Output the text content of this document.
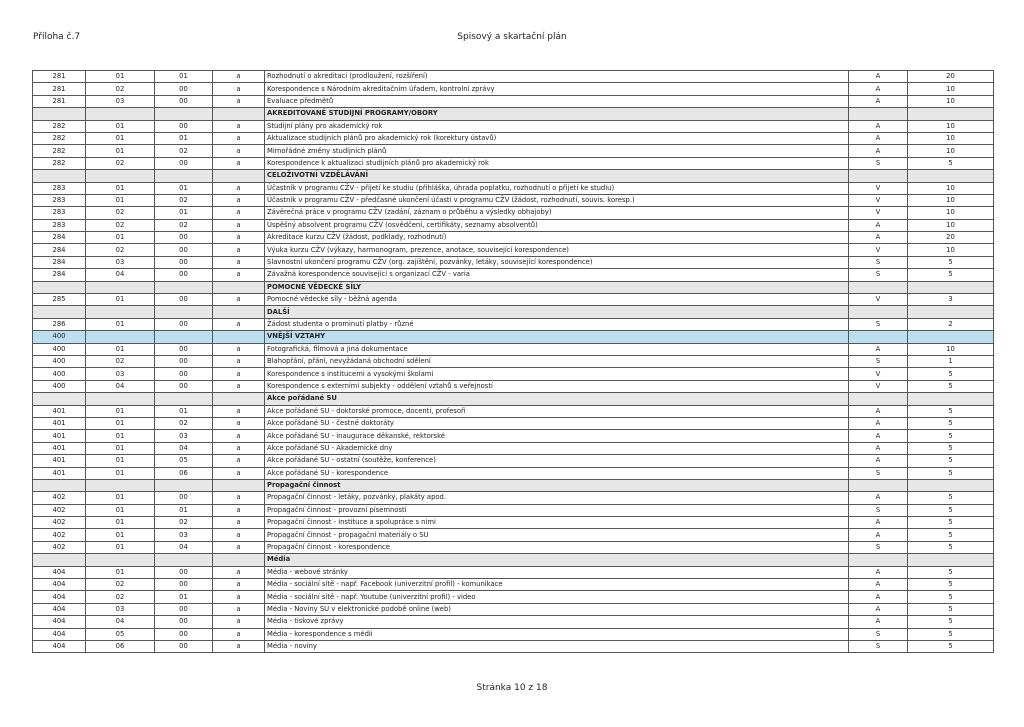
Příloha č.7	Spisový a skartační plán
281	01	01	a	Rozhodnutí o akreditaci (prodloužení, rozšíření)	A	20
281	02	00	a	Korespondence s Národním akreditačním úřadem, kontrolní zprávy	A	10
281	03	00	a	Evaluace předmětů	A	10
				AKREDITOVANÉ STUDIJNÍ PROGRAMY/OBORY		
282	01	00	a	Studijní plány pro akademický rok	A	10
282	01	01	a	Aktualizace studijních plánů pro akademický rok (korektury ústavů)	A	10
282	01	02	a	Mimořádné změny studijních plánů	A	10
282	02	00	a	Korespondence k aktualizaci studijních plánů pro akademický rok	S	5
				CELOŽIVOTNÍ VZDĚLÁVÁNÍ		
283	01	01	a	Účastník v programu CŽV - přijetí ke studiu (přihláška, úhrada poplatku, rozhodnutí o přijetí ke studiu)	V	10
283	01	02	a	Účastník v programu CŽV - předčasné ukončení účasti v programu CŽV (žádost, rozhodnutí, souvis. koresp.)	V	10
283	02	01	a	Závěrečná práce v programu CŽV (zadání, záznam o průběhu a výsledky obhajoby)	V	10
283	02	02	a	Úspěšný absolvent programu CŽV (osvědčení, certifikáty, seznamy absolventů)	A	10
284	01	00	a	Akreditace kurzu CŽV (žádost, podklady, rozhodnutí)	A	20
284	02	00	a	Výuka kurzu CŽV (výkazy, harmonogram, prezence, anotace, související korespondence)	V	10
284	03	00	a	Slavnostní ukončení programu CŽV (org. zajištění, pozvánky, letáky, související korespondence)	S	5
284	04	00	a	Závažná korespondence související s organizací CŽV - varia	S	5
				POMOCNÉ VĚDECKÉ SÍLY		
285	01	00	a	Pomocné vědecké síly - běžná agenda	V	3
				DALŠÍ		
286	01	00	a	Žádost studenta o prominutí platby - různé	S	2
400				VNĚJŠÍ VZTAHY		
400	01	00	a	Fotografická, filmová a jiná dokumentace	A	10
400	02	00	a	Blahopřání, přání, nevyžádaná obchodní sdělení	S	1
400	03	00	a	Korespondence s institucemi a vysokými školami	V	5
400	04	00	a	Korespondence s externími subjekty - oddělení vztahů s veřejností	V	5
				Akce pořádané SU		
401	01	01	a	Akce pořádané SU - doktorské promoce, docenti, profesoři	A	5
401	01	02	a	Akce pořádané SU - čestné doktoráty	A	5
401	01	03	a	Akce pořádané SU - inaugurace děkanské, rektorské	A	5
401	01	04	a	Akce pořádané SU - Akademické dny	A	5
401	01	05	a	Akce pořádané SU - ostatní (soutěže, konference)	A	5
401	01	06	a	Akce pořádané SU - korespondence	S	5
				Propagační činnost		
402	01	00	a	Propagační činnost - letáky, pozvánky, plakáty apod.	A	5
402	01	01	a	Propagační činnost - provozní písemnosti	S	5
402	01	02	a	Propagační činnost - instituce a spolupráce s nimi	A	5
402	01	03	a	Propagační činnost - propagační materiály o SU	A	5
402	01	04	a	Propagační činnost - korespondence	S	5
				Média		
404	01	00	a	Média - webové stránky	A	5
404	02	00	a	Média - sociální sítě - např. Facebook (univerzitní profil) - komunikace	A	5
404	02	01	a	Média - sociální sítě - např. Youtube (univerzitní profil) - video	A	5
404	03	00	a	Média - Noviny SU v elektronické podobě online (web)	A	5
404	04	00	a	Média - tiskové zprávy	A	5
404	05	00	a	Média - korespondence s médii	S	5
404	06	00	a	Média - noviny	S	5
Stránka 10 z 18
